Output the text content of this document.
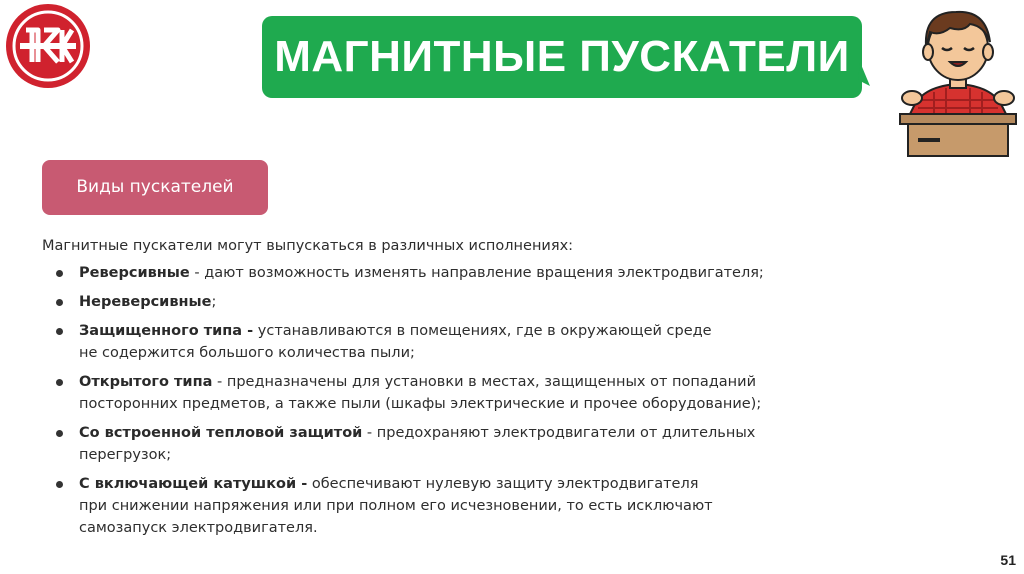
МАГНИТНЫЕ ПУСКАТЕЛИ
Виды пускателей
Магнитные пускатели могут выпускаться в различных исполнениях:
Реверсивные - дают возможность изменять направление вращения электродвигателя;
Нереверсивные;
Защищенного типа - устанавливаются в помещениях, где в окружающей среде
не содержится большого количества пыли;
Открытого типа - предназначены для установки в местах, защищенных от попаданий
посторонних предметов, а также пыли (шкафы электрические и прочее оборудование);
Со встроенной тепловой защитой - предохраняют электродвигатели от длительных
перегрузок;
С включающей катушкой - обеспечивают нулевую защиту электродвигателя
при снижении напряжения или при полном его исчезновении, то есть исключают
самозапуск электродвигателя.
51
